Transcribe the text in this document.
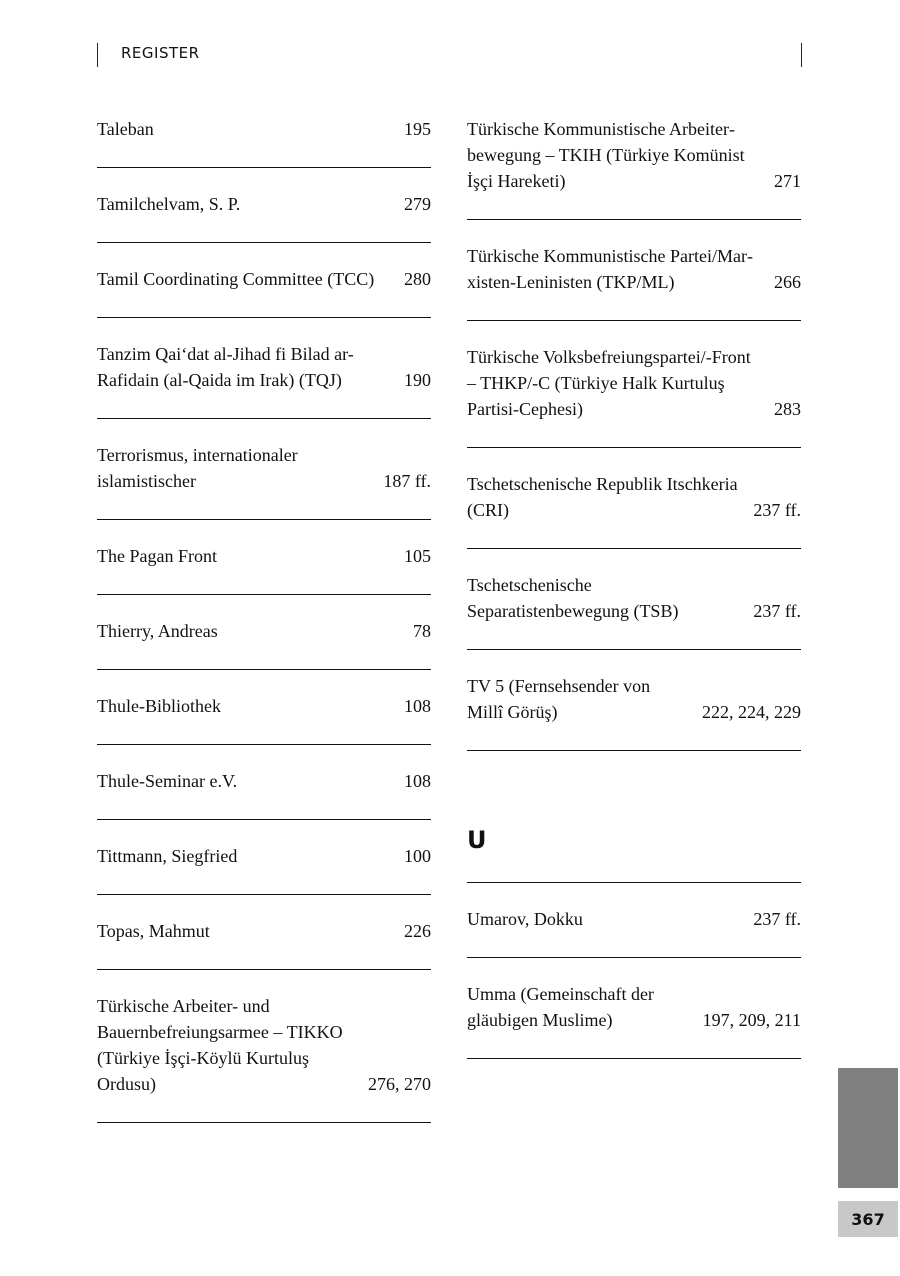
REGISTER
Taleban	195
Tamilchelvam, S. P.	279
Tamil Coordinating Committee (TCC)	280
Tanzim Qai‘dat al-Jihad fi Bilad ar-Rafidain (al-Qaida im Irak) (TQJ)	190
Terrorismus, internationaler islamistischer	187 ff.
The Pagan Front	105
Thierry, Andreas	78
Thule-Bibliothek	108
Thule-Seminar e.V.	108
Tittmann, Siegfried	100
Topas, Mahmut	226
Türkische Arbeiter- und Bauernbefreiungsarmee – TIKKO (Türkiye İşçi-Köylü Kurtuluş Ordusu)	276, 270
Türkische Kommunistische Arbeiterbewegung – TKIH (Türkiye Komünist İşçi Hareketi)	271
Türkische Kommunistische Partei/Marxisten-Leninisten (TKP/ML)	266
Türkische Volksbefreiungspartei/-Front – THKP/-C (Türkiye Halk Kurtuluş Partisi-Cephesi)	283
Tschetschenische Republik Itschkeria (CRI)	237 ff.
Tschetschenische Separatistenbewegung (TSB)	237 ff.
TV 5 (Fernsehsender von Millî Görüş)	222, 224, 229
U
Umarov, Dokku	237 ff.
Umma (Gemeinschaft der gläubigen Muslime)	197, 209, 211
367
